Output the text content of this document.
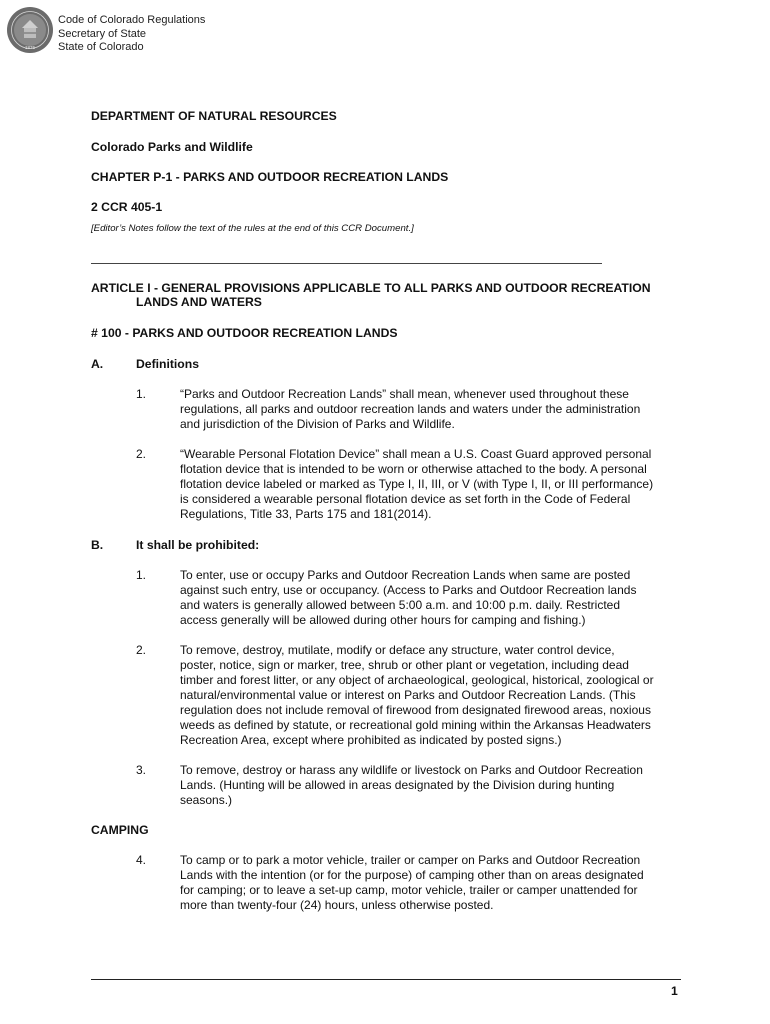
1876
Code of Colorado Regulations
Secretary of State
State of Colorado
DEPARTMENT OF NATURAL RESOURCES
Colorado Parks and Wildlife
CHAPTER P-1 - PARKS AND OUTDOOR RECREATION LANDS
2 CCR 405-1
[Editor’s Notes follow the text of the rules at the end of this CCR Document.]
ARTICLE I - GENERAL PROVISIONS APPLICABLE TO ALL PARKS AND OUTDOOR RECREATION
LANDS AND WATERS
# 100 - PARKS AND OUTDOOR RECREATION LANDS
A.	Definitions
1.	“Parks and Outdoor Recreation Lands” shall mean, whenever used throughout these
regulations, all parks and outdoor recreation lands and waters under the administration
and jurisdiction of the Division of Parks and Wildlife.
2.	“Wearable Personal Flotation Device” shall mean a U.S. Coast Guard approved personal
flotation device that is intended to be worn or otherwise attached to the body. A personal
flotation device labeled or marked as Type I, II, III, or V (with Type I, II, or III performance)
is considered a wearable personal flotation device as set forth in the Code of Federal
Regulations, Title 33, Parts 175 and 181(2014).
B.	It shall be prohibited:
1.	To enter, use or occupy Parks and Outdoor Recreation Lands when same are posted
against such entry, use or occupancy. (Access to Parks and Outdoor Recreation lands
and waters is generally allowed between 5:00 a.m. and 10:00 p.m. daily. Restricted
access generally will be allowed during other hours for camping and fishing.)
2.	To remove, destroy, mutilate, modify or deface any structure, water control device,
poster, notice, sign or marker, tree, shrub or other plant or vegetation, including dead
timber and forest litter, or any object of archaeological, geological, historical, zoological or
natural/environmental value or interest on Parks and Outdoor Recreation Lands. (This
regulation does not include removal of firewood from designated firewood areas, noxious
weeds as defined by statute, or recreational gold mining within the Arkansas Headwaters
Recreation Area, except where prohibited as indicated by posted signs.)
3.	To remove, destroy or harass any wildlife or livestock on Parks and Outdoor Recreation
Lands. (Hunting will be allowed in areas designated by the Division during hunting
seasons.)
CAMPING
4.	To camp or to park a motor vehicle, trailer or camper on Parks and Outdoor Recreation
Lands with the intention (or for the purpose) of camping other than on areas designated
for camping; or to leave a set-up camp, motor vehicle, trailer or camper unattended for
more than twenty-four (24) hours, unless otherwise posted.
1
